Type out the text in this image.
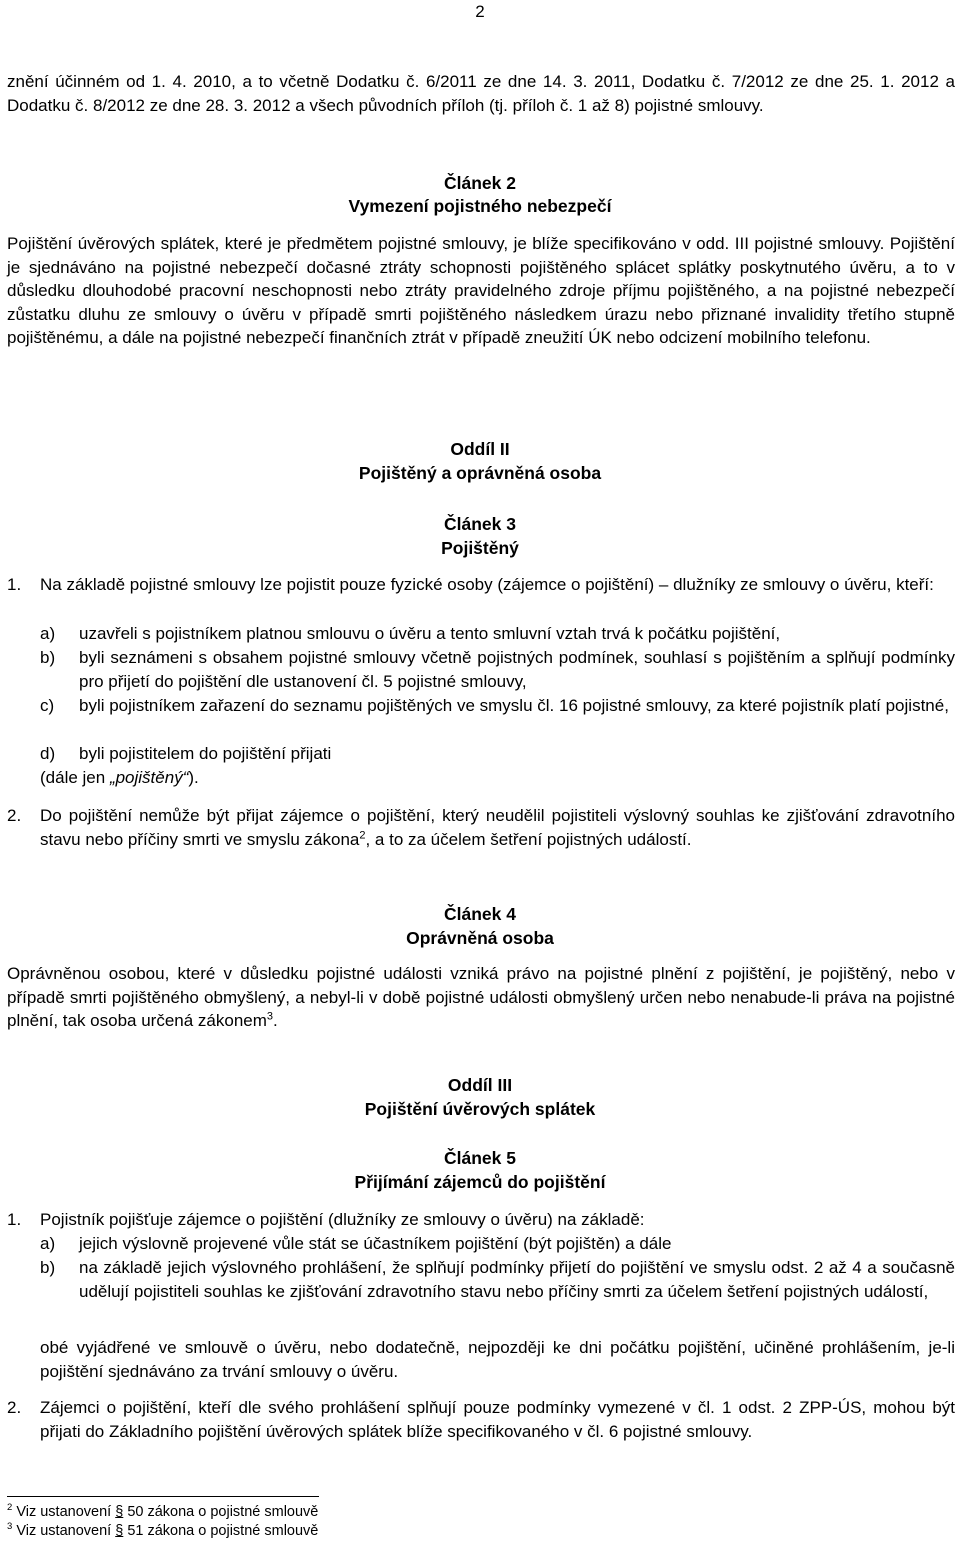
2
znění účinném od 1. 4. 2010, a to včetně Dodatku č. 6/2011 ze dne 14. 3. 2011, Dodatku č. 7/2012 ze dne 25. 1. 2012 a Dodatku č. 8/2012 ze dne 28. 3. 2012 a všech původních příloh (tj. příloh č. 1 až 8) pojistné smlouvy.
Článek 2
Vymezení pojistného nebezpečí
Pojištění úvěrových splátek, které je předmětem pojistné smlouvy, je blíže specifikováno v odd. III pojistné smlouvy. Pojištění je sjednáváno na pojistné nebezpečí dočasné ztráty schopnosti pojištěného splácet splátky poskytnutého úvěru, a to v důsledku dlouhodobé pracovní neschopnosti nebo ztráty pravidelného zdroje příjmu pojištěného, a na pojistné nebezpečí zůstatku dluhu ze smlouvy o úvěru v případě smrti pojištěného následkem úrazu nebo přiznané invalidity třetího stupně pojištěnému, a dále na pojistné nebezpečí finančních ztrát v případě zneužití ÚK nebo odcizení mobilního telefonu.
Oddíl II
Pojištěný a oprávněná osoba
Článek 3
Pojištěný
1. Na základě pojistné smlouvy lze pojistit pouze fyzické osoby (zájemce o pojištění) – dlužníky ze smlouvy o úvěru, kteří:
a) uzavřeli s pojistníkem platnou smlouvu o úvěru a tento smluvní vztah trvá k počátku pojištění,
b) byli seznámeni s obsahem pojistné smlouvy včetně pojistných podmínek, souhlasí s pojištěním a splňují podmínky pro přijetí do pojištění dle ustanovení čl. 5 pojistné smlouvy,
c) byli pojistníkem zařazení do seznamu pojištěných ve smyslu čl. 16 pojistné smlouvy, za které pojistník platí pojistné,
d) byli pojistitelem do pojištění přijati
(dále jen „pojištěný“).
2. Do pojištění nemůže být přijat zájemce o pojištění, který neudělil pojistiteli výslovný souhlas ke zjišťování zdravotního stavu nebo příčiny smrti ve smyslu zákona$^2$, a to za účelem šetření pojistných událostí.
Článek 4
Oprávněná osoba
Oprávněnou osobou, které v důsledku pojistné události vzniká právo na pojistné plnění z pojištění, je pojištěný, nebo v případě smrti pojištěného obmyšlený, a nebyl-li v době pojistné události obmyšlený určen nebo nenabude-li práva na pojistné plnění, tak osoba určená zákonem$^3$.
Oddíl III
Pojištění úvěrových splátek
Článek 5
Přijímání zájemců do pojištění
1. Pojistník pojišťuje zájemce o pojištění (dlužníky ze smlouvy o úvěru) na základě:
a) jejich výslovně projevené vůle stát se účastníkem pojištění (být pojištěn) a dále
b) na základě jejich výslovného prohlášení, že splňují podmínky přijetí do pojištění ve smyslu odst. 2 až 4 a současně udělují pojistiteli souhlas ke zjišťování zdravotního stavu nebo příčiny smrti za účelem šetření pojistných událostí,
obé vyjádřené ve smlouvě o úvěru, nebo dodatečně, nejpozději ke dni počátku pojištění, učiněné prohlášením, je-li pojištění sjednáváno za trvání smlouvy o úvěru.
2. Zájemci o pojištění, kteří dle svého prohlášení splňují pouze podmínky vymezené v čl. 1 odst. 2 ZPP-ÚS, mohou být přijati do Základního pojištění úvěrových splátek blíže specifikovaného v čl. 6 pojistné smlouvy.
$^2$ Viz ustanovení § 50 zákona o pojistné smlouvě
$^3$ Viz ustanovení § 51 zákona o pojistné smlouvě
